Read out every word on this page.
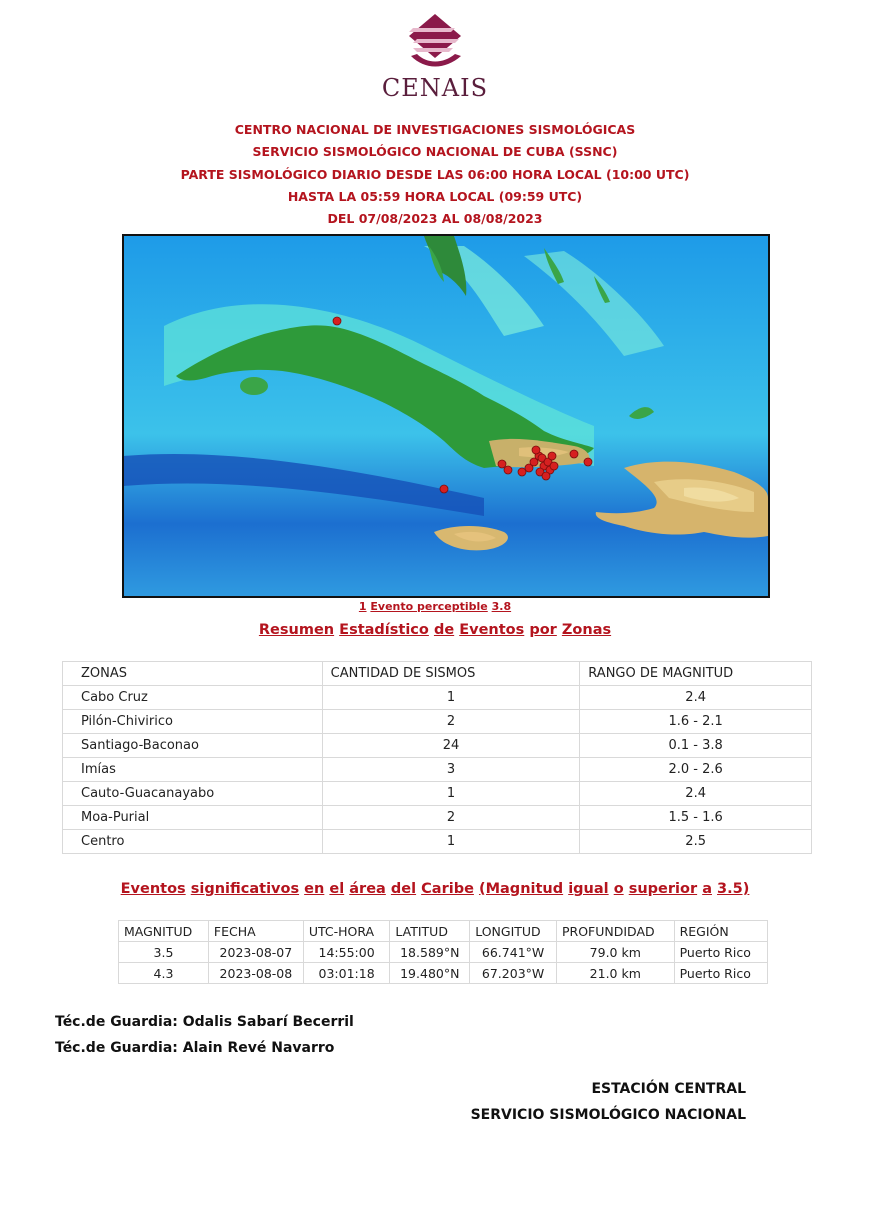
CENAIS
CENTRO NACIONAL DE INVESTIGACIONES SISMOLÓGICAS
SERVICIO SISMOLÓGICO NACIONAL DE CUBA (SSNC)
PARTE SISMOLÓGICO DIARIO DESDE LAS 06:00 HORA LOCAL (10:00 UTC)
HASTA LA 05:59 HORA LOCAL (09:59 UTC)
DEL 07/08/2023 AL 08/08/2023
1 Evento perceptible 3.8
Resumen Estadístico de Eventos por Zonas
ZONAS	CANTIDAD DE SISMOS	RANGO DE MAGNITUD
Cabo Cruz	1	2.4
Pilón-Chivirico	2	1.6 - 2.1
Santiago-Baconao	24	0.1 - 3.8
Imías	3	2.0 - 2.6
Cauto-Guacanayabo	1	2.4
Moa-Purial	2	1.5 - 1.6
Centro	1	2.5
Eventos significativos en el área del Caribe (Magnitud igual o superior a 3.5)
MAGNITUD	FECHA	UTC-HORA	LATITUD	LONGITUD	PROFUNDIDAD	REGIÓN
3.5	2023-08-07	14:55:00	18.589°N	66.741°W	79.0 km	Puerto Rico
4.3	2023-08-08	03:01:18	19.480°N	67.203°W	21.0 km	Puerto Rico
Téc.de Guardia: Odalis Sabarí Becerril
Téc.de Guardia: Alain Revé Navarro
ESTACIÓN CENTRAL
SERVICIO SISMOLÓGICO NACIONAL
